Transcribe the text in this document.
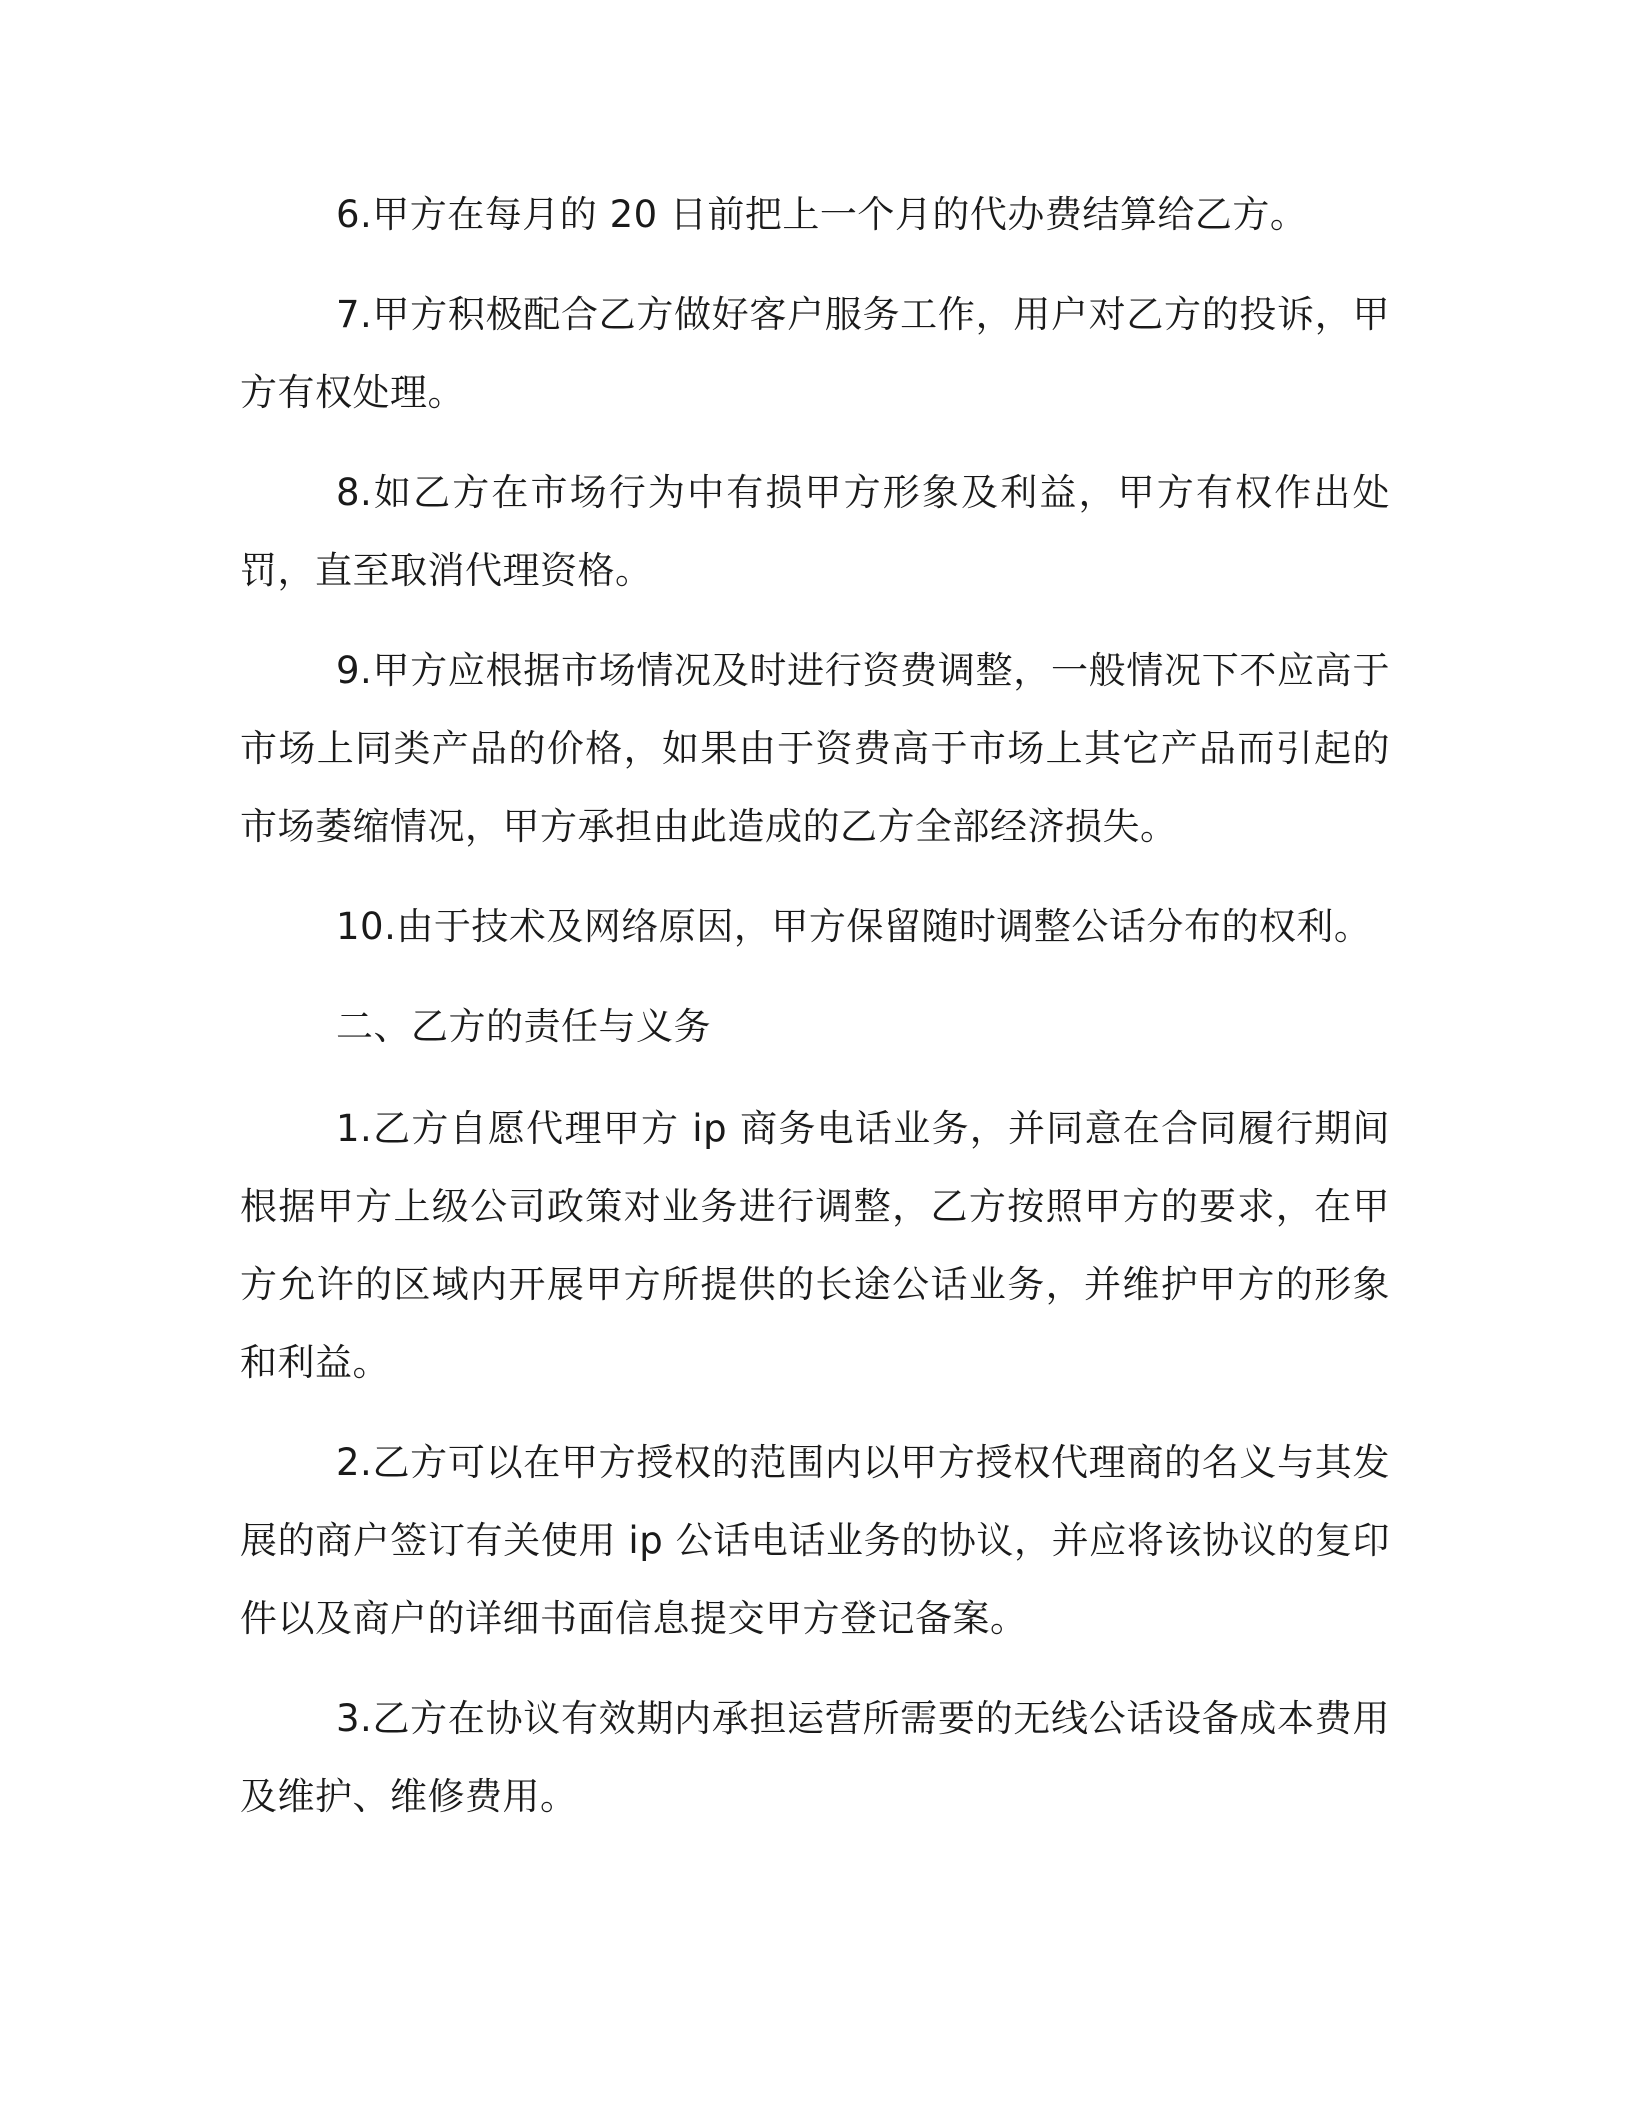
6.甲方在每月的 20 日前把上一个月的代办费结算给乙方。

7.甲方积极配合乙方做好客户服务工作，用户对乙方的投诉，甲方有权处理。

8.如乙方在市场行为中有损甲方形象及利益，甲方有权作出处罚，直至取消代理资格。

9.甲方应根据市场情况及时进行资费调整，一般情况下不应高于市场上同类产品的价格，如果由于资费高于市场上其它产品而引起的市场萎缩情况，甲方承担由此造成的乙方全部经济损失。

10.由于技术及网络原因，甲方保留随时调整公话分布的权利。

二、乙方的责任与义务

1.乙方自愿代理甲方 ip 商务电话业务，并同意在合同履行期间根据甲方上级公司政策对业务进行调整，乙方按照甲方的要求，在甲方允许的区域内开展甲方所提供的长途公话业务，并维护甲方的形象和利益。

2.乙方可以在甲方授权的范围内以甲方授权代理商的名义与其发展的商户签订有关使用 ip 公话电话业务的协议，并应将该协议的复印件以及商户的详细书面信息提交甲方登记备案。

3.乙方在协议有效期内承担运营所需要的无线公话设备成本费用及维护、维修费用。
